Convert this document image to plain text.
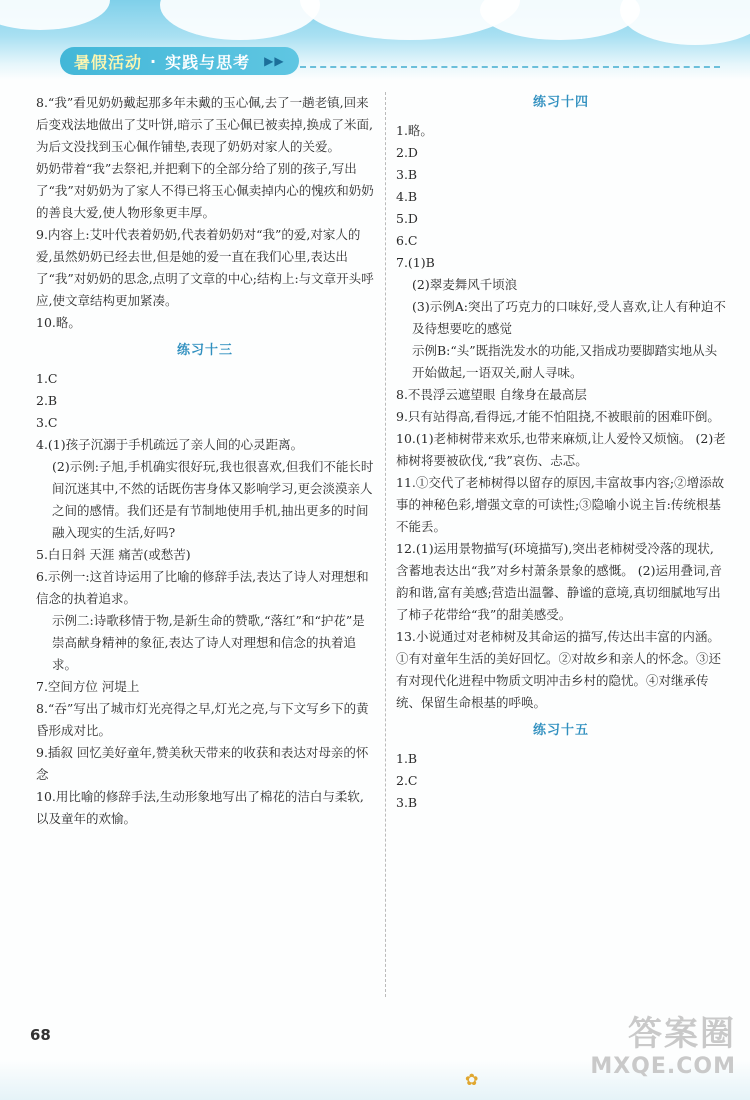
暑假活动 · 实践与思考 ▶▶

8.“我”看见奶奶戴起那多年未戴的玉心佩,去了一趟老镇,回来后变戏法地做出了艾叶饼,暗示了玉心佩已被卖掉,换成了米面,为后文没找到玉心佩作铺垫,表现了奶奶对家人的关爱。

奶奶带着“我”去祭祀,并把剩下的全部分给了别的孩子,写出了“我”对奶奶为了家人不得已将玉心佩卖掉内心的愧疚和奶奶的善良大爱,使人物形象更丰厚。

9.内容上:艾叶代表着奶奶,代表着奶奶对“我”的爱,对家人的爱,虽然奶奶已经去世,但是她的爱一直在我们心里,表达出了“我”对奶奶的思念,点明了文章的中心;结构上:与文章开头呼应,使文章结构更加紧凑。

10.略。

练习十三

1.C

2.B

3.C

4.(1)孩子沉溺于手机疏远了亲人间的心灵距离。

(2)示例:子旭,手机确实很好玩,我也很喜欢,但我们不能长时间沉迷其中,不然的话既伤害身体又影响学习,更会淡漠亲人之间的感情。我们还是有节制地使用手机,抽出更多的时间融入现实的生活,好吗?

5.白日斜 天涯 痛苦(或愁苦)

6.示例一:这首诗运用了比喻的修辞手法,表达了诗人对理想和信念的执着追求。

示例二:诗歌移情于物,是新生命的赞歌,“落红”和“护花”是崇高献身精神的象征,表达了诗人对理想和信念的执着追求。

7.空间方位 河堤上

8.“吞”写出了城市灯光亮得之早,灯光之亮,与下文写乡下的黄昏形成对比。

9.插叙 回忆美好童年,赞美秋天带来的收获和表达对母亲的怀念

10.用比喻的修辞手法,生动形象地写出了棉花的洁白与柔软,以及童年的欢愉。

练习十四

1.略。

2.D

3.B

4.B

5.D

6.C

7.(1)B

(2)翠麦舞风千顷浪

(3)示例A:突出了巧克力的口味好,受人喜欢,让人有种迫不及待想要吃的感觉

示例B:“头”既指洗发水的功能,又指成功要脚踏实地从头开始做起,一语双关,耐人寻味。

8.不畏浮云遮望眼 自缘身在最高层

9.只有站得高,看得远,才能不怕阻挠,不被眼前的困难吓倒。

10.(1)老柿树带来欢乐,也带来麻烦,让人爱怜又烦恼。 (2)老柿树将要被砍伐,“我”哀伤、忐忑。

11.①交代了老柿树得以留存的原因,丰富故事内容;②增添故事的神秘色彩,增强文章的可读性;③隐喻小说主旨:传统根基不能丢。

12.(1)运用景物描写(环境描写),突出老柿树受冷落的现状,含蓄地表达出“我”对乡村萧条景象的感慨。 (2)运用叠词,音韵和谐,富有美感;营造出温馨、静谧的意境,真切细腻地写出了柿子花带给“我”的甜美感受。

13.小说通过对老柿树及其命运的描写,传达出丰富的内涵。①有对童年生活的美好回忆。②对故乡和亲人的怀念。③还有对现代化进程中物质文明冲击乡村的隐忧。④对继承传统、保留生命根基的呼唤。

练习十五

1.B

2.C

3.B

68
✿
答案圈
MXQE.COM
